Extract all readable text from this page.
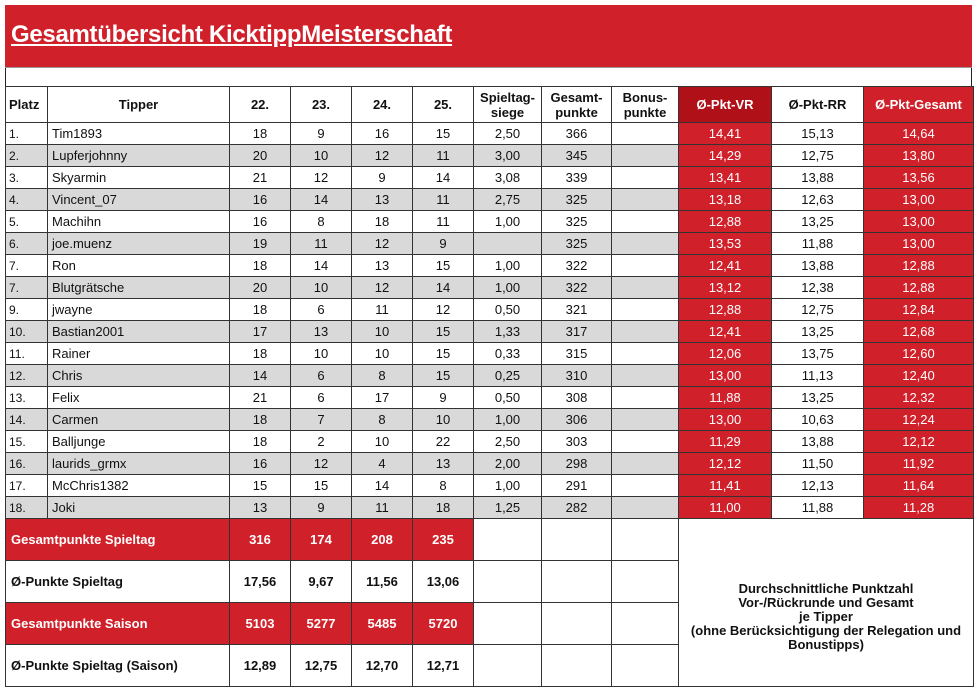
Gesamtübersicht KicktippMeisterschaft
Platz	Tipper	22.	23.	24.	25.	Spieltag-
siege	Gesamt-
punkte	Bonus-
punkte	Ø-Pkt-VR	Ø-Pkt-RR	Ø-Pkt-Gesamt
1.	Tim1893	18	9	16	15	2,50	366		14,41	15,13	14,64
2.	Lupferjohnny	20	10	12	11	3,00	345		14,29	12,75	13,80
3.	Skyarmin	21	12	9	14	3,08	339		13,41	13,88	13,56
4.	Vincent_07	16	14	13	11	2,75	325		13,18	12,63	13,00
5.	Machihn	16	8	18	11	1,00	325		12,88	13,25	13,00
6.	joe.muenz	19	11	12	9		325		13,53	11,88	13,00
7.	Ron	18	14	13	15	1,00	322		12,41	13,88	12,88
7.	Blutgrätsche	20	10	12	14	1,00	322		13,12	12,38	12,88
9.	jwayne	18	6	11	12	0,50	321		12,88	12,75	12,84
10.	Bastian2001	17	13	10	15	1,33	317		12,41	13,25	12,68
11.	Rainer	18	10	10	15	0,33	315		12,06	13,75	12,60
12.	Chris	14	6	8	15	0,25	310		13,00	11,13	12,40
13.	Felix	21	6	17	9	0,50	308		11,88	13,25	12,32
14.	Carmen	18	7	8	10	1,00	306		13,00	10,63	12,24
15.	Balljunge	18	2	10	22	2,50	303		11,29	13,88	12,12
16.	laurids_grmx	16	12	4	13	2,00	298		12,12	11,50	11,92
17.	McChris1382	15	15	14	8	1,00	291		11,41	12,13	11,64
18.	Joki	13	9	11	18	1,25	282		11,00	11,88	11,28
Gesamtpunkte Spieltag		316	174	208	235				Durchschnittliche Punktzahl
Vor-/Rückrunde und Gesamt
je Tipper
(ohne Berücksichtigung der Relegation und Bonustipps)		
Ø-Punkte Spieltag		17,56	9,67	11,56	13,06						
Gesamtpunkte Saison		5103	5277	5485	5720						
Ø-Punkte Spieltag (Saison)		12,89	12,75	12,70	12,71						
